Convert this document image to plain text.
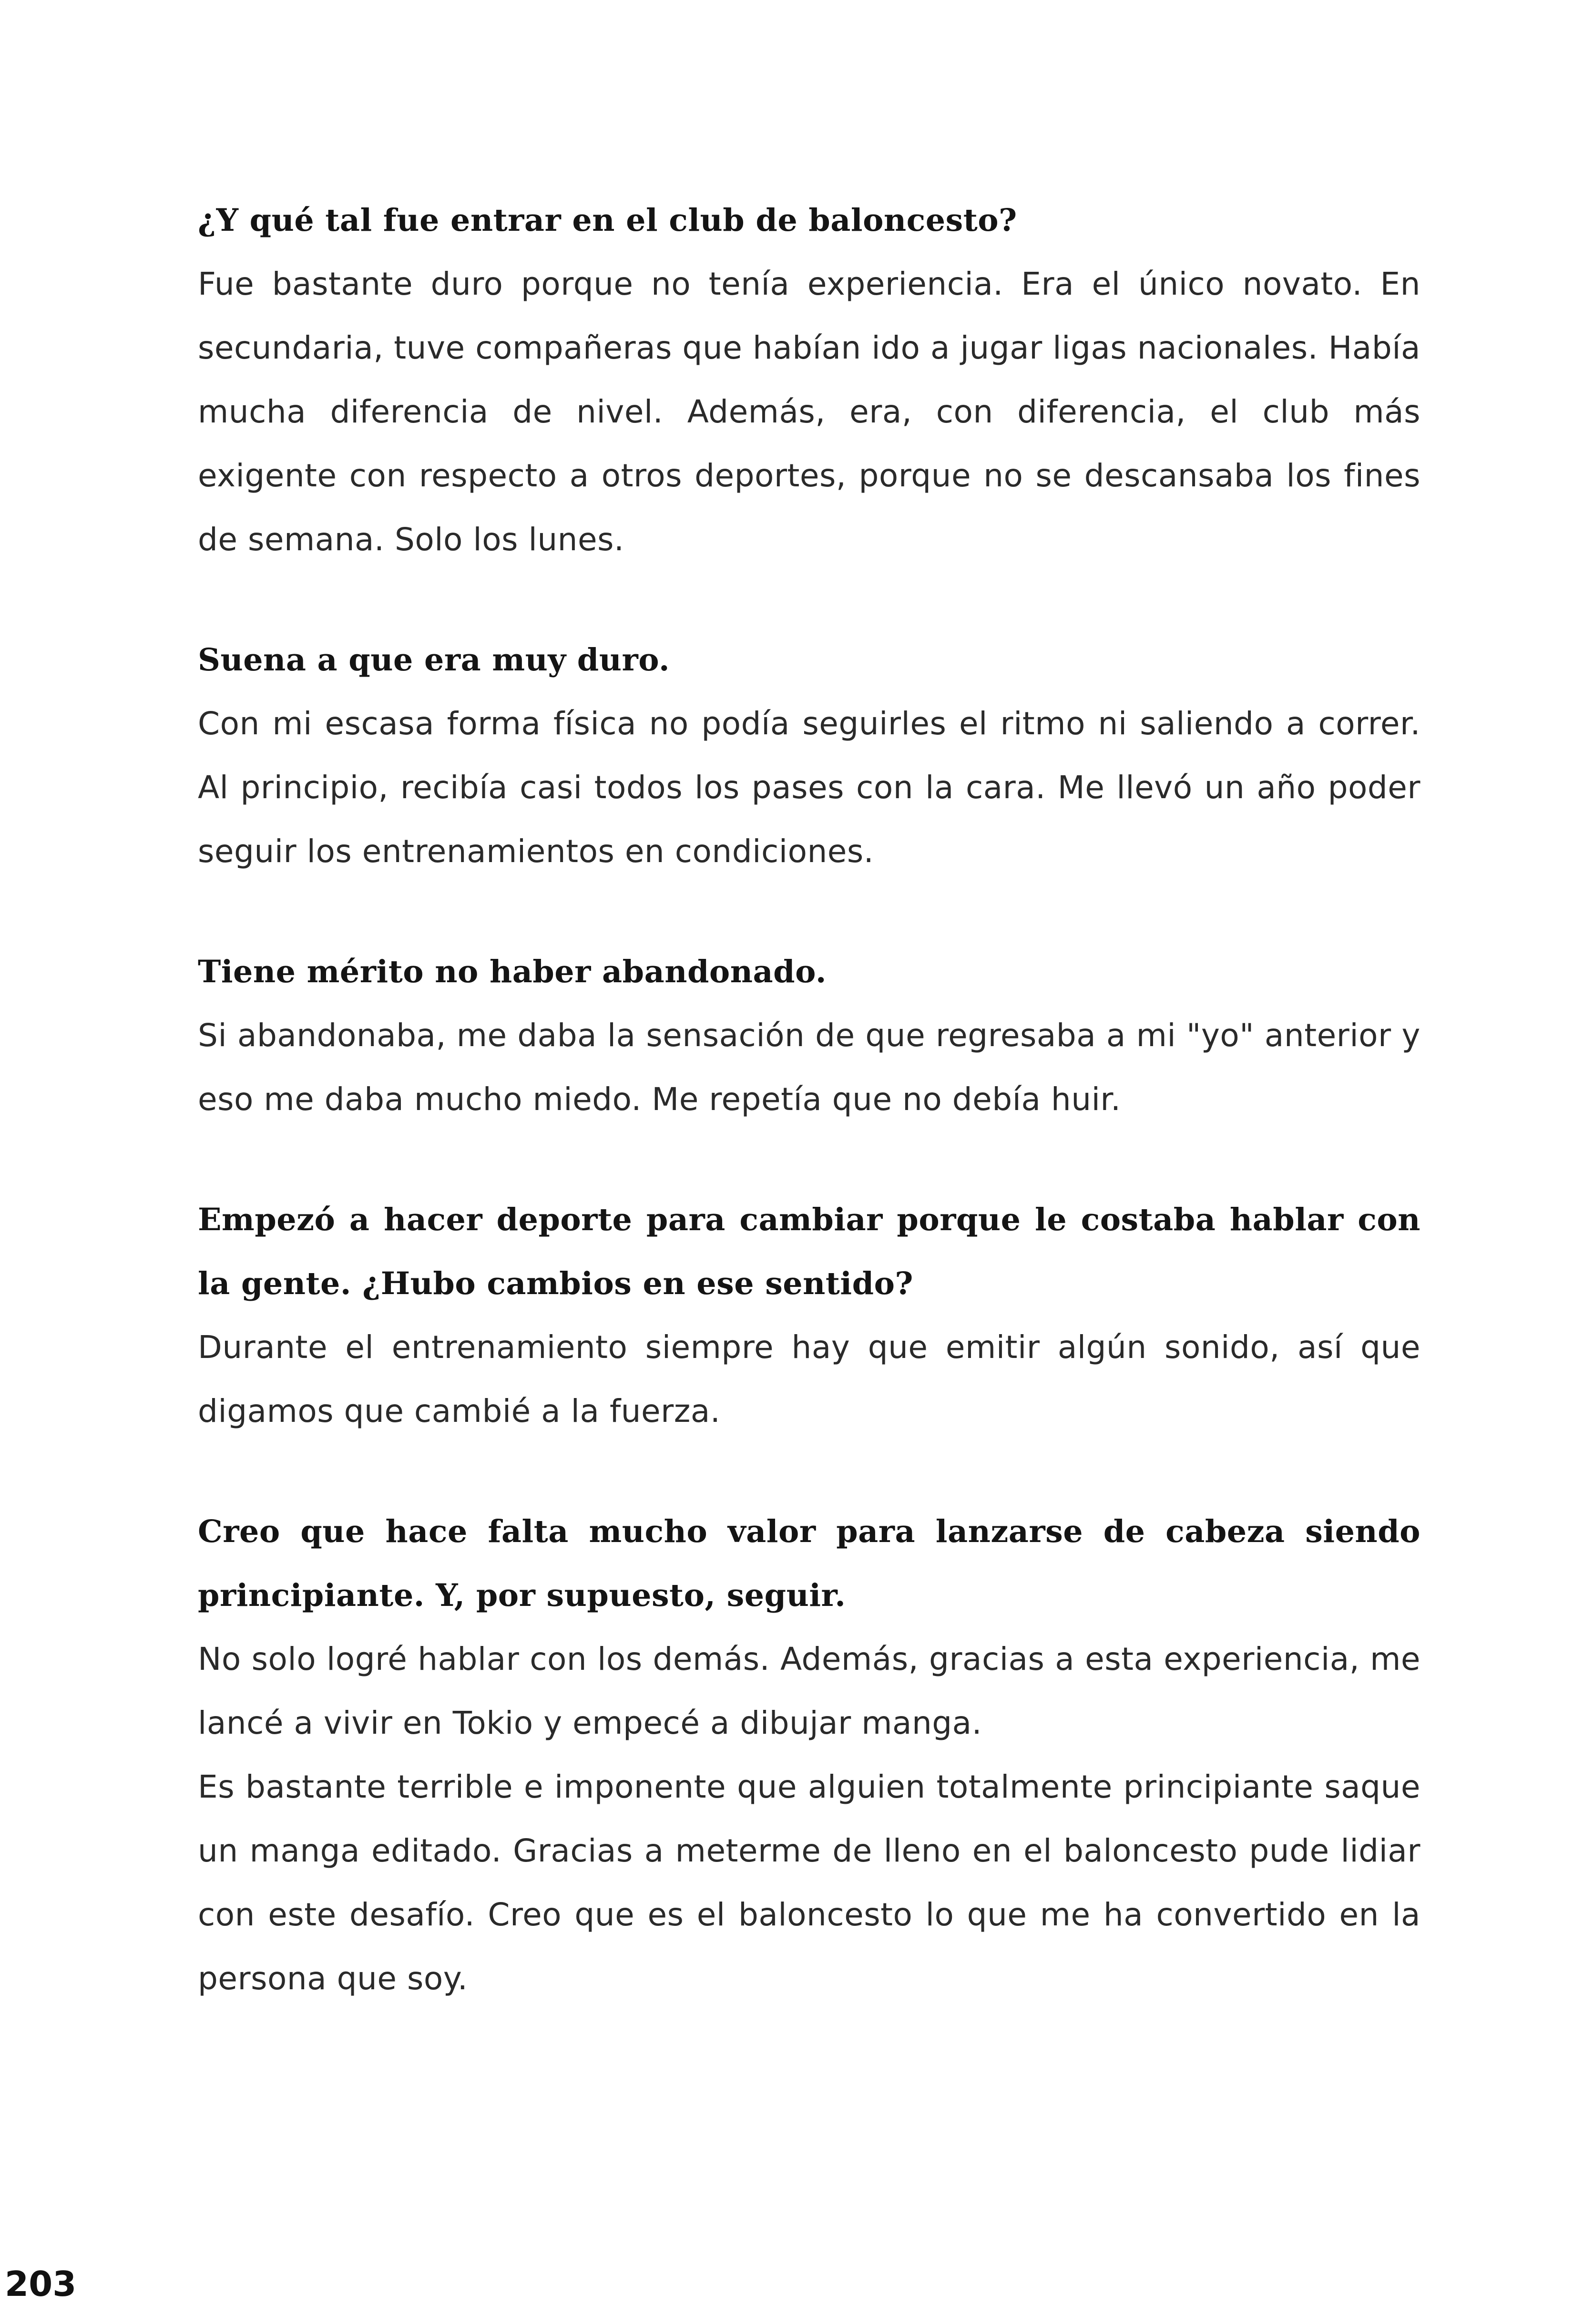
¿Y qué tal fue entrar en el club de baloncesto?

Fue bastante duro porque no tenía experiencia. Era el único novato. En secundaria, tuve compañeras que habían ido a jugar ligas nacionales. Había mucha diferencia de nivel. Además, era, con diferencia, el club más exigente con respecto a otros deportes, porque no se descansaba los fines de semana. Solo los lunes.

Suena a que era muy duro.

Con mi escasa forma física no podía seguirles el ritmo ni saliendo a correr. Al principio, recibía casi todos los pases con la cara. Me llevó un año poder seguir los entrenamientos en condiciones.

Tiene mérito no haber abandonado.

Si abandonaba, me daba la sensación de que regresaba a mi "yo" anterior y eso me daba mucho miedo. Me repetía que no debía huir.

Empezó a hacer deporte para cambiar porque le costaba hablar con la gente. ¿Hubo cambios en ese sentido?

Durante el entrenamiento siempre hay que emitir algún sonido, así que digamos que cambié a la fuerza.

Creo que hace falta mucho valor para lanzarse de cabeza siendo principiante. Y, por supuesto, seguir.

No solo logré hablar con los demás. Además, gracias a esta experiencia, me lancé a vivir en Tokio y empecé a dibujar manga.

Es bastante terrible e imponente que alguien totalmente principiante saque un manga editado. Gracias a meterme de lleno en el baloncesto pude lidiar con este desafío. Creo que es el baloncesto lo que me ha convertido en la persona que soy.

203
